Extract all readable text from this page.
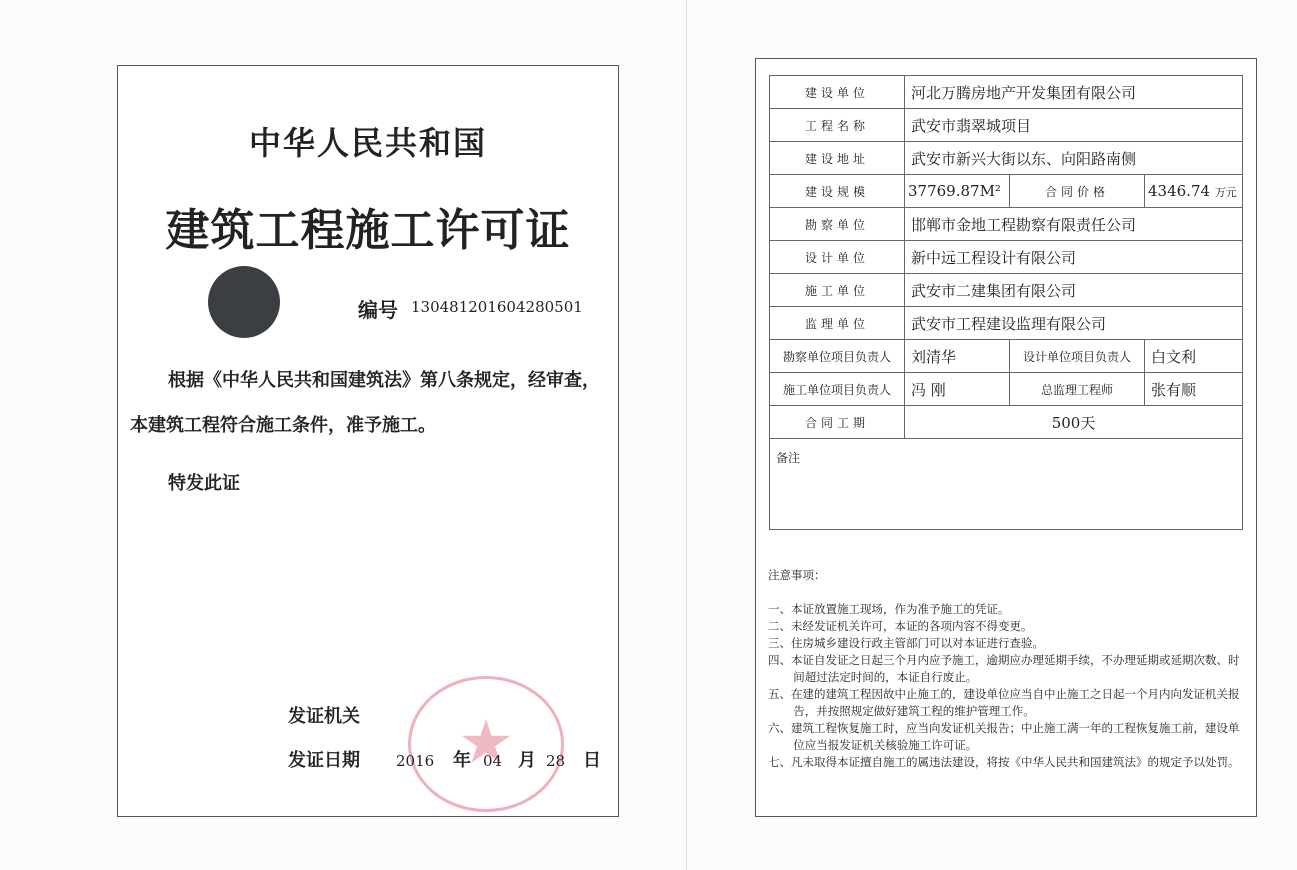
中华人民共和国
建筑工程施工许可证
编号 130481201604280501
根据《中华人民共和国建筑法》第八条规定，经审查，
本建筑工程符合施工条件，准予施工。
特发此证
发证机关
发证日期 2016 年 04 月 28 日
建设单位	河北万腾房地产开发集团有限公司		
工程名称	武安市翡翠城项目		
建设地址	武安市新兴大街以东、向阳路南侧		
建设规模	37769.87M²	合同价格	4346.74 万元
勘察单位	邯郸市金地工程勘察有限责任公司		
设计单位	新中远工程设计有限公司		
施工单位	武安市二建集团有限公司		
监理单位	武安市工程建设监理有限公司		
勘察单位项目负责人	刘清华	设计单位项目负责人	白文利
施工单位项目负责人	冯 刚	总监理工程师	张有顺
合同工期	500天		
备注			
注意事项：

一、本证放置施工现场，作为准予施工的凭证。

二、未经发证机关许可，本证的各项内容不得变更。

三、住房城乡建设行政主管部门可以对本证进行查验。

四、本证自发证之日起三个月内应予施工，逾期应办理延期手续，不办理延期或延期次数、时间超过法定时间的，本证自行废止。

五、在建的建筑工程因故中止施工的，建设单位应当自中止施工之日起一个月内向发证机关报告，并按照规定做好建筑工程的维护管理工作。

六、建筑工程恢复施工时，应当向发证机关报告；中止施工满一年的工程恢复施工前，建设单位应当报发证机关核验施工许可证。

七、凡未取得本证擅自施工的属违法建设，将按《中华人民共和国建筑法》的规定予以处罚。
